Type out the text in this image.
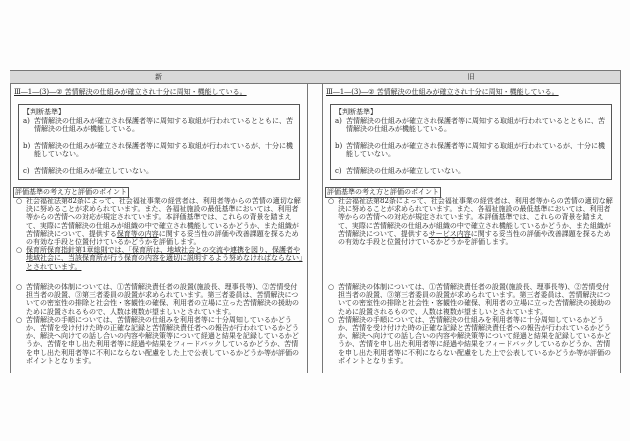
新	旧
Ⅲ―1―(3)―② 苦情解決の仕組みが確立され十分に周知・機能している。
【判断基準】
a) 苦情解決の仕組みが確立され保護者等に周知する取組が行われているとともに、苦情解決の仕組みが機能している。
b) 苦情解決の仕組みが確立され保護者等に周知する取組が行われているが、十分に機能していない。
c) 苦情解決の仕組みが確立していない。
評価基準の考え方と評価のポイント
○ 社会福祉法第82条によって、社会福祉事業の経営者は、利用者等からの苦情の適切な解決に努めることが求められています。また、各福祉施設の最低基準においては、利用者等からの苦情への対応が規定されています。本評価基準では、これらの背景を踏まえて、実際に苦情解決の仕組みが組織の中で確立され機能しているかどうか、また組織が苦情解決について、提供する保育等の内容に関する妥当性の評価や改善課題を探るための有効な手段と位置付けているかどうかを評価します。
○ 保育所保育指針第1章総則では、「保育所は、地域社会との交流や連携を図り、保護者や地域社会に、当該保育所が行う保育の内容を適切に説明するよう努めなければならない」とされています。
○ 苦情解決の体制については、①苦情解決責任者の設置(施設長、理事長等)、②苦情受付担当者の設置、③第三者委員の設置が求められています。第三者委員は、苦情解決についての密室性の排除と社会性・客観性の確保、利用者の立場に立った苦情解決の援助のために設置されるもので、人数は複数が望ましいとされています。
○ 苦情解決の手順については、苦情解決の仕組みを利用者等に十分周知しているかどうか、苦情を受け付けた時の正確な記録と苦情解決責任者への報告が行われているかどうか、解決へ向けての話し合いの内容や解決策等について経過と結果を記録しているかどうか、苦情を申し出た利用者等に経過や結果をフィードバックしているかどうか、苦情を申し出た利用者等に不利にならない配慮をした上で公表しているかどうか等が評価のポイントとなります。
Ⅲ―1―(3)―② 苦情解決の仕組みが確立され十分に周知・機能している。
【判断基準】
a) 苦情解決の仕組みが確立され保護者等に周知する取組が行われているとともに、苦情解決の仕組みが機能している。
b) 苦情解決の仕組みが確立され保護者等に周知する取組が行われているが、十分に機能していない。
c) 苦情解決の仕組みが確立していない。
評価基準の考え方と評価のポイント
○ 社会福祉法第82条によって、社会福祉事業の経営者は、利用者等からの苦情の適切な解決に努めることが求められています。また、各福祉施設の最低基準においては、利用者等からの苦情への対応が規定されています。本評価基準では、これらの背景を踏まえて、実際に苦情解決の仕組みが組織の中で確立され機能しているかどうか、また組織が苦情解決について、提供するサービス内容に関する妥当性の評価や改善課題を探るための有効な手段と位置付けているかどうかを評価します。
○ 苦情解決の体制については、①苦情解決責任者の設置(施設長、理事長等)、②苦情受付担当者の設置、③第三者委員の設置が求められています。第三者委員は、苦情解決についての密室性の排除と社会性・客観性の確保、利用者の立場に立った苦情解決の援助のために設置されるもので、人数は複数が望ましいとされています。
○ 苦情解決の手順については、苦情解決の仕組みを利用者等に十分周知しているかどうか、苦情を受け付けた時の正確な記録と苦情解決責任者への報告が行われているかどうか、解決へ向けての話し合いの内容や解決策等について経過と結果を記録しているかどうか、苦情を申し出た利用者等に経過や結果をフィードバックしているかどうか、苦情を申し出た利用者等に不利にならない配慮をした上で公表しているかどうか等が評価のポイントとなります。
